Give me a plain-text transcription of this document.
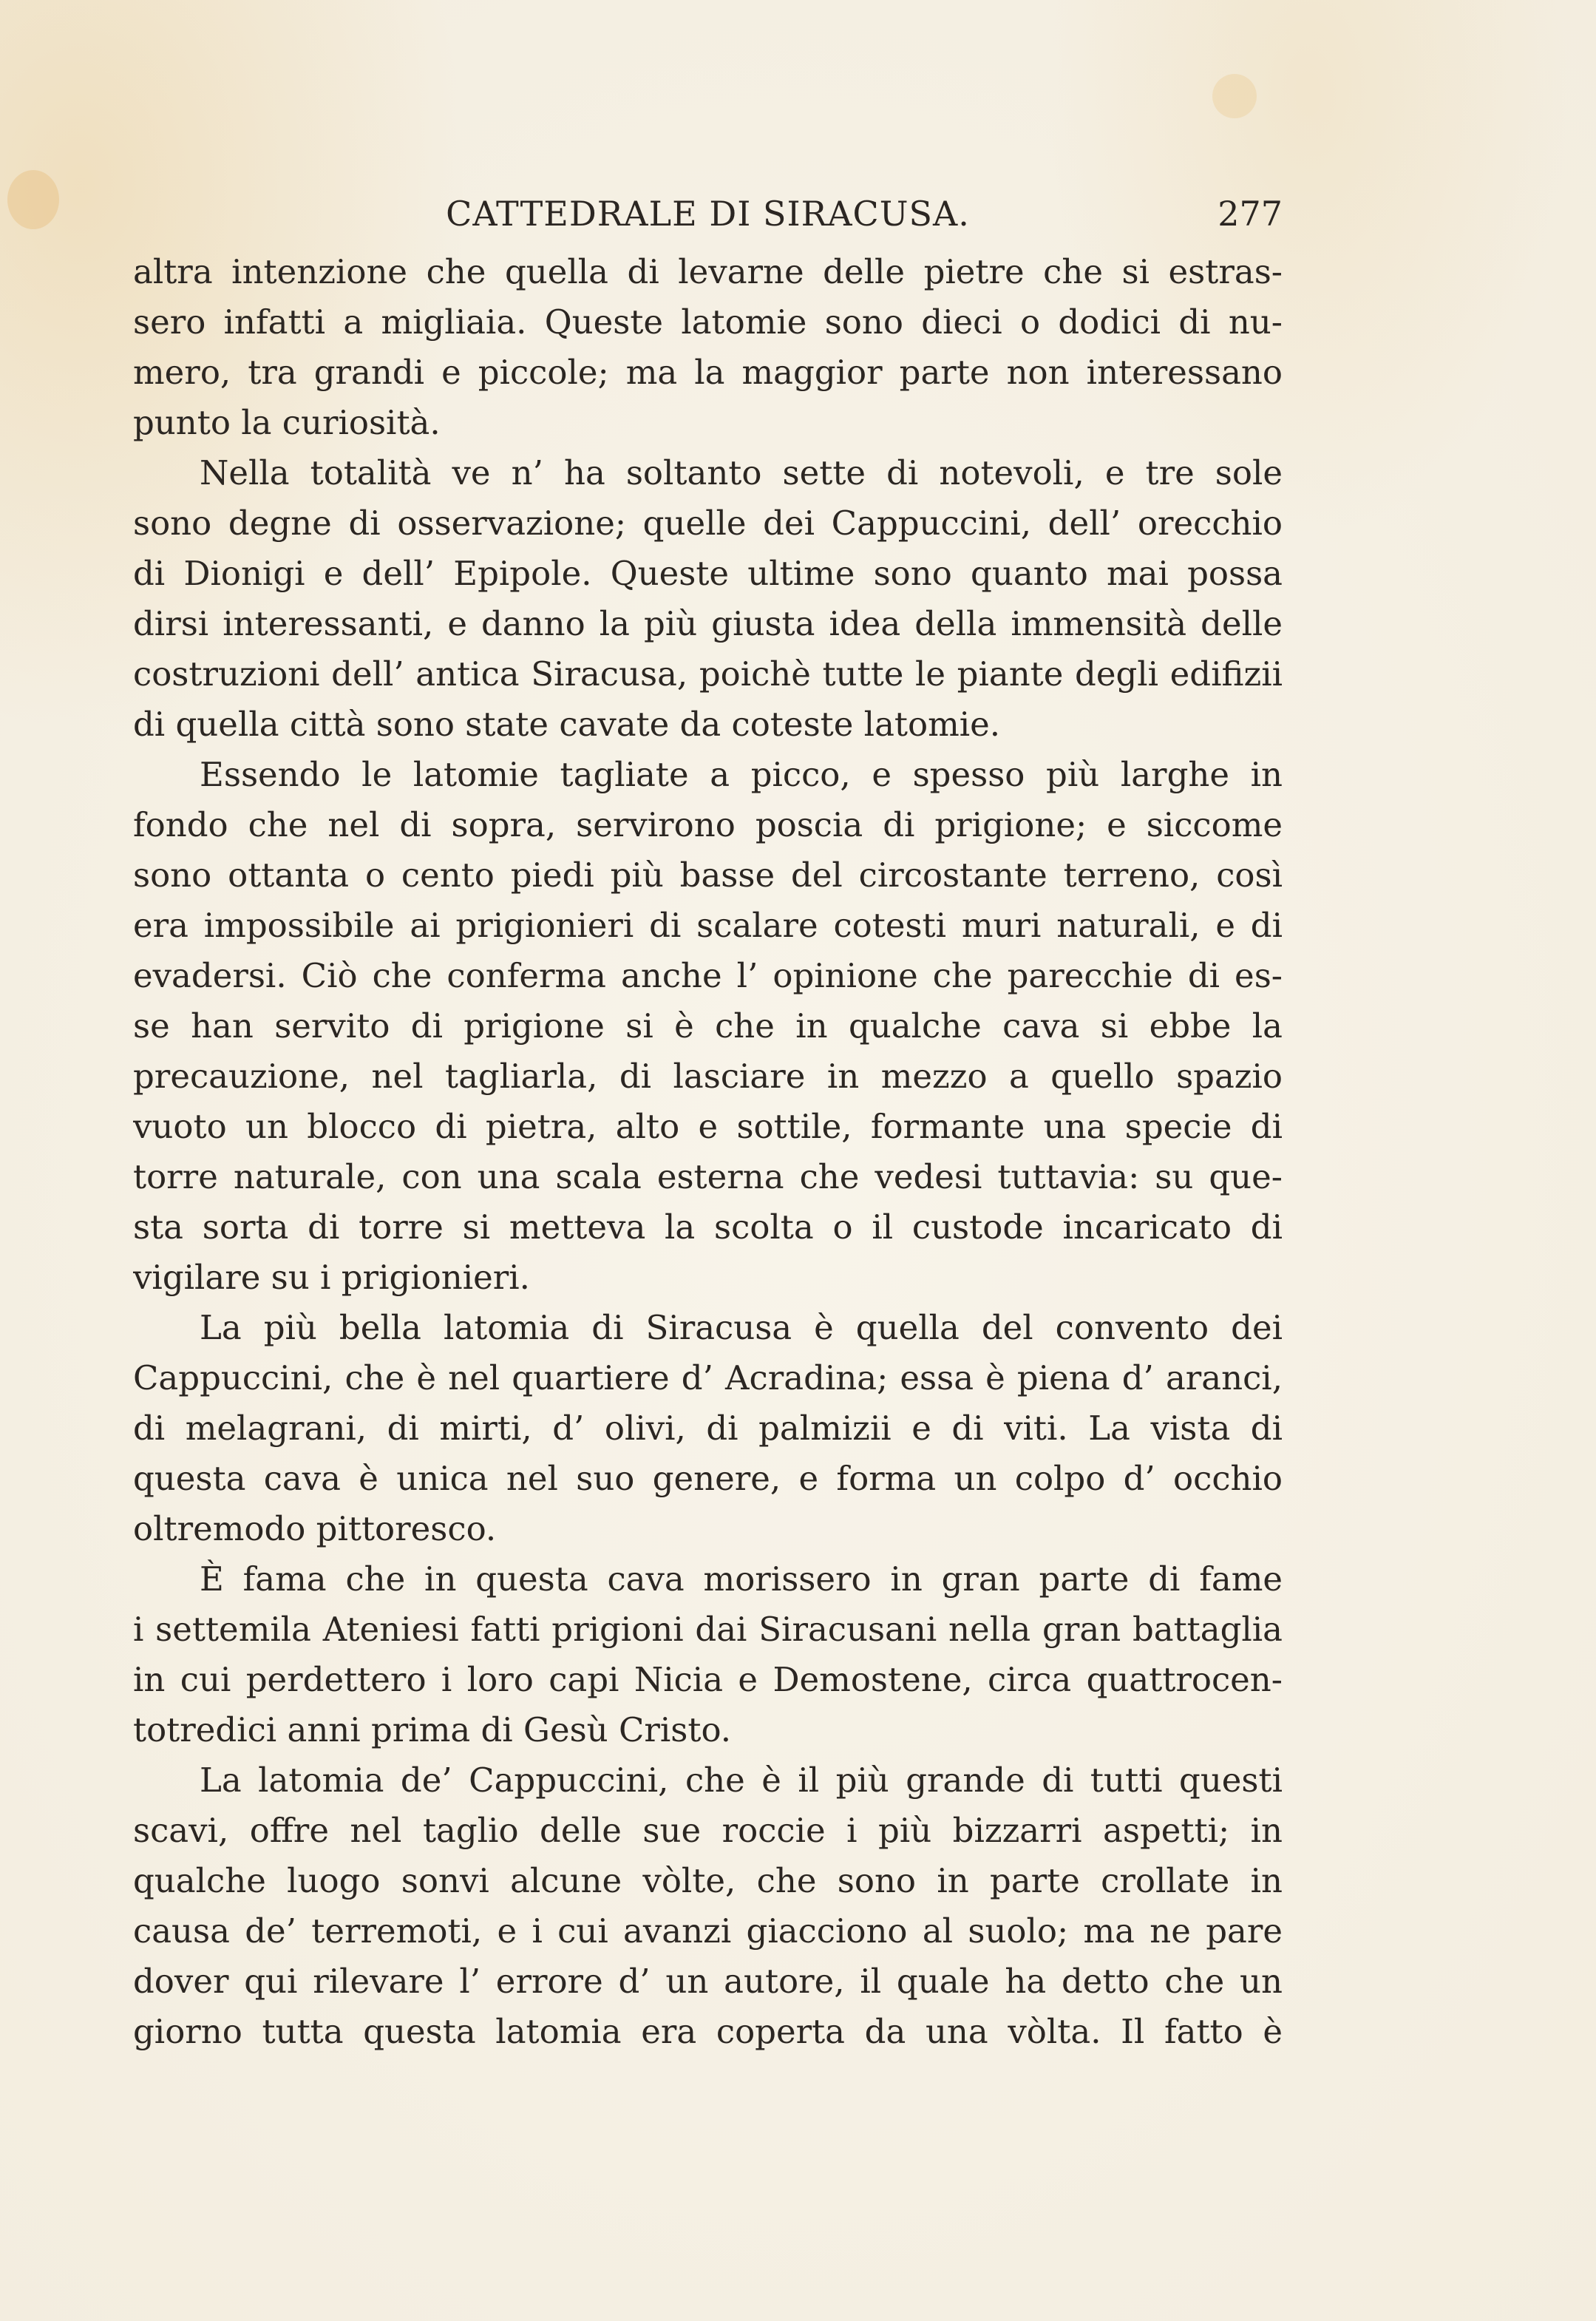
CATTEDRALE DI SIRACUSA.	277
altra intenzione che quella di levarne delle pietre che si estras-
sero infatti a migliaia. Queste latomie sono dieci o dodici di nu-
mero, tra grandi e piccole; ma la maggior parte non interessano
punto la curiosità.
Nella totalità ve n’ ha soltanto sette di notevoli, e tre sole
sono degne di osservazione; quelle dei Cappuccini, dell’ orecchio
di Dionigi e dell’ Epipole. Queste ultime sono quanto mai possa
dirsi interessanti, e danno la più giusta idea della immensità delle
costruzioni dell’ antica Siracusa, poichè tutte le piante degli edifizii
di quella città sono state cavate da coteste latomie.
Essendo le latomie tagliate a picco, e spesso più larghe in
fondo che nel di sopra, servirono poscia di prigione; e siccome
sono ottanta o cento piedi più basse del circostante terreno, così
era impossibile ai prigionieri di scalare cotesti muri naturali, e di
evadersi. Ciò che conferma anche l’ opinione che parecchie di es-
se han servito di prigione si è che in qualche cava si ebbe la
precauzione, nel tagliarla, di lasciare in mezzo a quello spazio
vuoto un blocco di pietra, alto e sottile, formante una specie di
torre naturale, con una scala esterna che vedesi tuttavia: su que-
sta sorta di torre si metteva la scolta o il custode incaricato di
vigilare su i prigionieri.
La più bella latomia di Siracusa è quella del convento dei
Cappuccini, che è nel quartiere d’ Acradina; essa è piena d’ aranci,
di melagrani, di mirti, d’ olivi, di palmizii e di viti. La vista di
questa cava è unica nel suo genere, e forma un colpo d’ occhio
oltremodo pittoresco.
È fama che in questa cava morissero in gran parte di fame
i settemila Ateniesi fatti prigioni dai Siracusani nella gran battaglia
in cui perdettero i loro capi Nicia e Demostene, circa quattrocen-
totredici anni prima di Gesù Cristo.
La latomia de’ Cappuccini, che è il più grande di tutti questi
scavi, offre nel taglio delle sue roccie i più bizzarri aspetti; in
qualche luogo sonvi alcune vòlte, che sono in parte crollate in
causa de’ terremoti, e i cui avanzi giacciono al suolo; ma ne pare
dover qui rilevare l’ errore d’ un autore, il quale ha detto che un
giorno tutta questa latomia era coperta da una vòlta. Il fatto è
